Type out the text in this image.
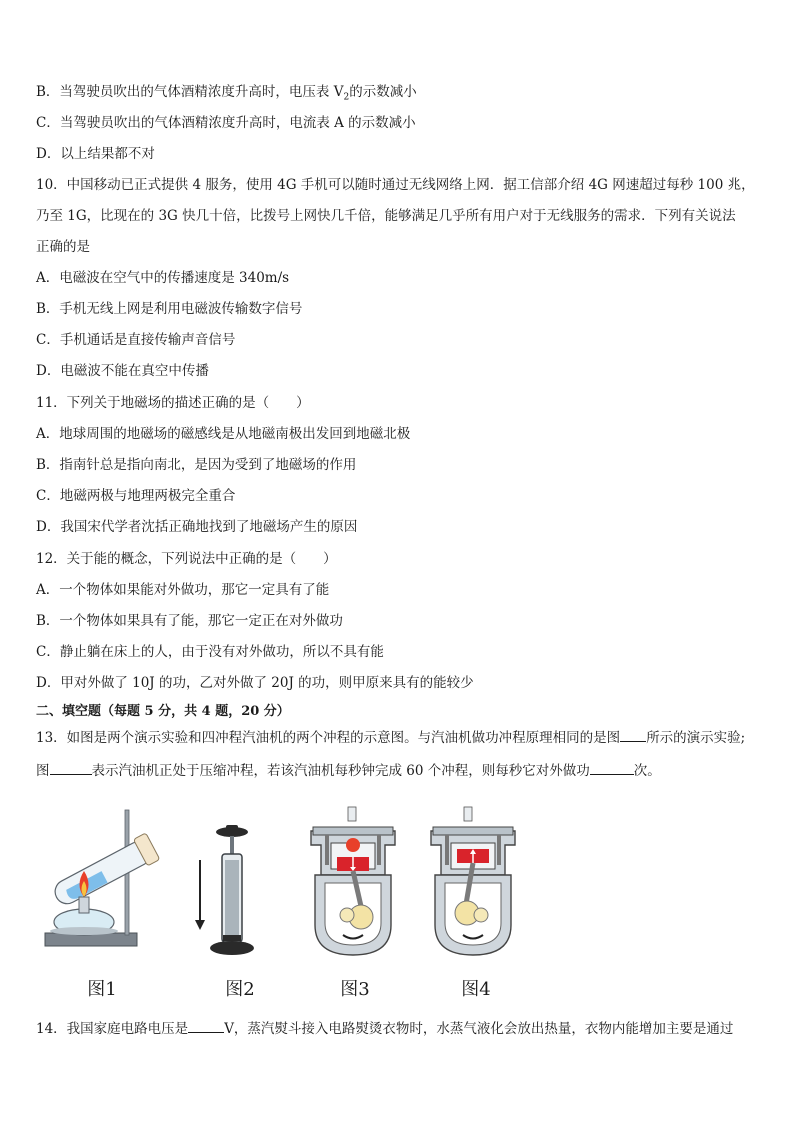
B．当驾驶员吹出的气体酒精浓度升高时，电压表 $V_2$的示数减小
C．当驾驶员吹出的气体酒精浓度升高时，电流表 A 的示数减小
D．以上结果都不对
10．中国移动已正式提供 4 服务，使用 4G 手机可以随时通过无线网络上网．据工信部介绍 4G 网速超过每秒 100 兆，
乃至 1G，比现在的 3G 快几十倍，比拨号上网快几千倍，能够满足几乎所有用户对于无线服务的需求．下列有关说法
正确的是
A．电磁波在空气中的传播速度是 340m/s
B．手机无线上网是利用电磁波传输数字信号
C．手机通话是直接传输声音信号
D．电磁波不能在真空中传播
11．下列关于地磁场的描述正确的是（　　）
A．地球周围的地磁场的磁感线是从地磁南极出发回到地磁北极
B．指南针总是指向南北，是因为受到了地磁场的作用
C．地磁两极与地理两极完全重合
D．我国宋代学者沈括正确地找到了地磁场产生的原因
12．关于能的概念，下列说法中正确的是（　　）
A．一个物体如果能对外做功，那它一定具有了能
B．一个物体如果具有了能，那它一定正在对外做功
C．静止躺在床上的人，由于没有对外做功，所以不具有能
D．甲对外做了 10J 的功，乙对外做了 20J 的功，则甲原来具有的能较少
二、填空题（每题 5 分，共 4 题，20 分）
13．如图是两个演示实验和四冲程汽油机的两个冲程的示意图。与汽油机做功冲程原理相同的是图 所示的演示实验;
图	表示汽油机正处于压缩冲程，若该汽油机每秒钟完成 60 个冲程，则每秒它对外做功	次。
图1	图2	图3	图4
14．我国家庭电路电压是	V，蒸汽熨斗接入电路熨烫衣物时，水蒸气液化会放出热量，衣物内能增加主要是通过
